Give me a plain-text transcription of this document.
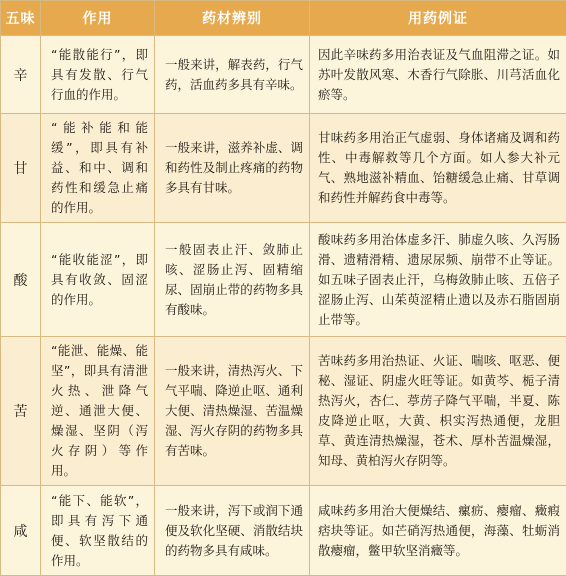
五味	作用	药材辨别	用药例证
辛	“能散能行”，即具有发散、行气行血的作用。	一般来讲，解表药，行气药，活血药多具有辛味。	因此辛味药多用治表证及气血阻滞之证。如苏叶发散风寒、木香行气除胀、川芎活血化瘀等。
甘	“能补能和能缓”，即具有补益、和中、调和药性和缓急止痛的作用。	一般来讲，滋养补虚、调和药性及制止疼痛的药物多具有甘味。	甘味药多用治正气虚弱、身体诸痛及调和药性、中毒解救等几个方面。如人参大补元气、熟地滋补精血、饴糖缓急止痛、甘草调和药性并解药食中毒等。
酸	“能收能涩”，即具有收敛、固涩的作用。	一般固表止汗、敛肺止咳、涩肠止泻、固精缩尿、固崩止带的药物多具有酸味。	酸味药多用治体虚多汗、肺虚久咳、久泻肠滑、遗精滑精、遗尿尿频、崩带不止等证。如五味子固表止汗，乌梅敛肺止咳、五倍子涩肠止泻、山茱萸涩精止遗以及赤石脂固崩止带等。
苦	“能泄、能燥、能坚”，即具有清泄火热、泄降气逆、通泄大便、燥湿、坚阴（泻火存阴）等作用。	一般来讲，清热泻火、下气平喘、降逆止呕、通利大便、清热燥湿、苦温燥湿、泻火存阴的药物多具有苦味。	苦味药多用治热证、火证、喘咳、呕恶、便秘、湿证、阴虚火旺等证。如黄芩、栀子清热泻火，杏仁、葶苈子降气平喘，半夏、陈皮降逆止呕，大黄、枳实泻热通便，龙胆草、黄连清热燥湿，苍术、厚朴苦温燥湿，知母、黄柏泻火存阴等。
咸	“能下、能软”，即具有泻下通便、软坚散结的作用。	一般来讲，泻下或润下通便及软化坚硬、消散结块的药物多具有咸味。	咸味药多用治大便燥结、瘰疬、瘿瘤、癥瘕痞块等证。如芒硝泻热通便，海藻、牡蛎消散瘿瘤，鳖甲软坚消癥等。
